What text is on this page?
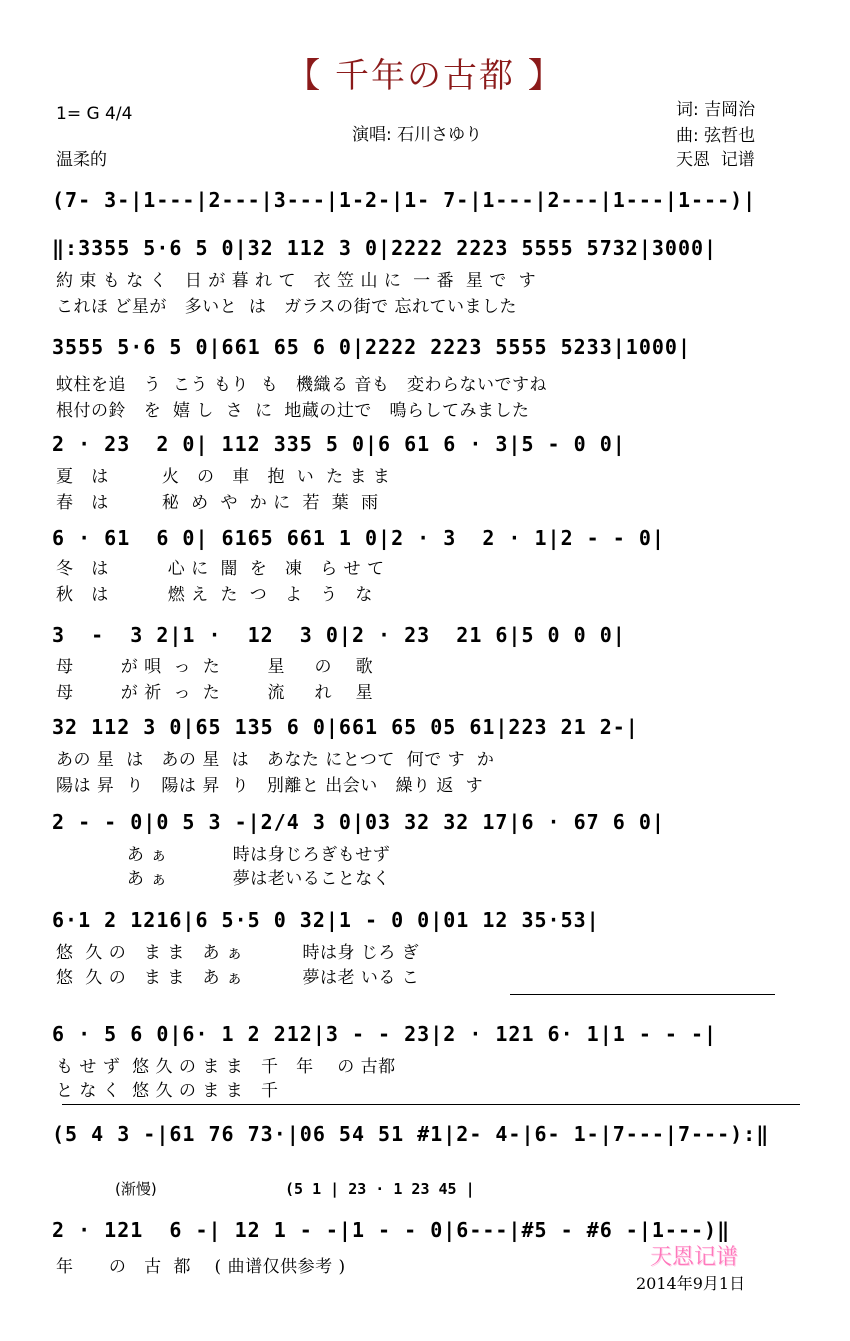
【 千年の古都 】
1= G 4/4
温柔的
演唱: 石川さゆり
词: 吉岡治
曲: 弦哲也
天恩  记谱
(7- 3-|1---|2---|3---|1-2-|1- 7-|1---|2---|1---|1---)|
‖:3355 5·6 5 0|32 112 3 0|2222 2223 5555 5732|3000|
約 束 も な く   日 が 暮 れ て   衣 笠 山 に  一 番  星 で  す
これほ ど星が   多いと  は   ガラスの街で 忘れていました
3555 5·6 5 0|661 65 6 0|2222 2223 5555 5233|1000|
蚊柱を追   う  こう もり  も   機織る 音も   変わらないですね
根付の鈴   を  嬉 し  さ  に  地蔵の辻で   鳴らしてみました
2 · 23  2 0| 112 335 5 0|6 61 6 · 3|5 - 0 0|
夏   は         火   の   車   抱  い  た ま ま
春   は         秘  め  や  か に  若  葉  雨
6 · 61  6 0| 6165 661 1 0|2 · 3  2 · 1|2 - - 0|
冬   は          心 に  闇  を   凍   ら せ て
秋   は          燃 え  た  つ   よ   う   な
3  -  3 2|1 ·  12  3 0|2 · 23  21 6|5 0 0 0|
母        が 唄  っ  た        星     の    歌
母        が 祈  っ  た        流     れ    星
32 112 3 0|65 135 6 0|661 65 05 61|223 21 2-|
あの 星  は   あの 星  は   あなた にとつて  何で す  か
陽は 昇  り   陽は 昇  り   別離と 出会い   繰り 返  す
2 - - 0|0 5 3 -|2/4 3 0|03 32 32 17|6 · 67 6 0|
あ ぁ           時は身じろぎもせず
あ ぁ           夢は老いることなく
6·1 2 1216|6 5·5 0 32|1 - 0 0|01 12 35·53|
悠  久 の   ま ま   あ ぁ          時は身 じろ ぎ
悠  久 の   ま ま   あ ぁ          夢は老 いる こ
6 · 5 6 0|6· 1 2 212|3 - - 23|2 · 121 6· 1|1 - - -|
も せ ず  悠 久 の ま ま   千   年    の 古都
と な く  悠 久 の ま ま   千
(5 4 3 -|61 76 73·|06 54 51 #1|2- 4-|6- 1-|7---|7---):‖
(渐慢)	(5 1 | 23 · 1 23 45 |
2 · 121  6 -| 12 1 - -|1 - - 0|6---|#5 - #6 -|1---)‖
年      の   古  都    ( 曲谱仅供参考 )	天恩记谱
2014年9月1日
